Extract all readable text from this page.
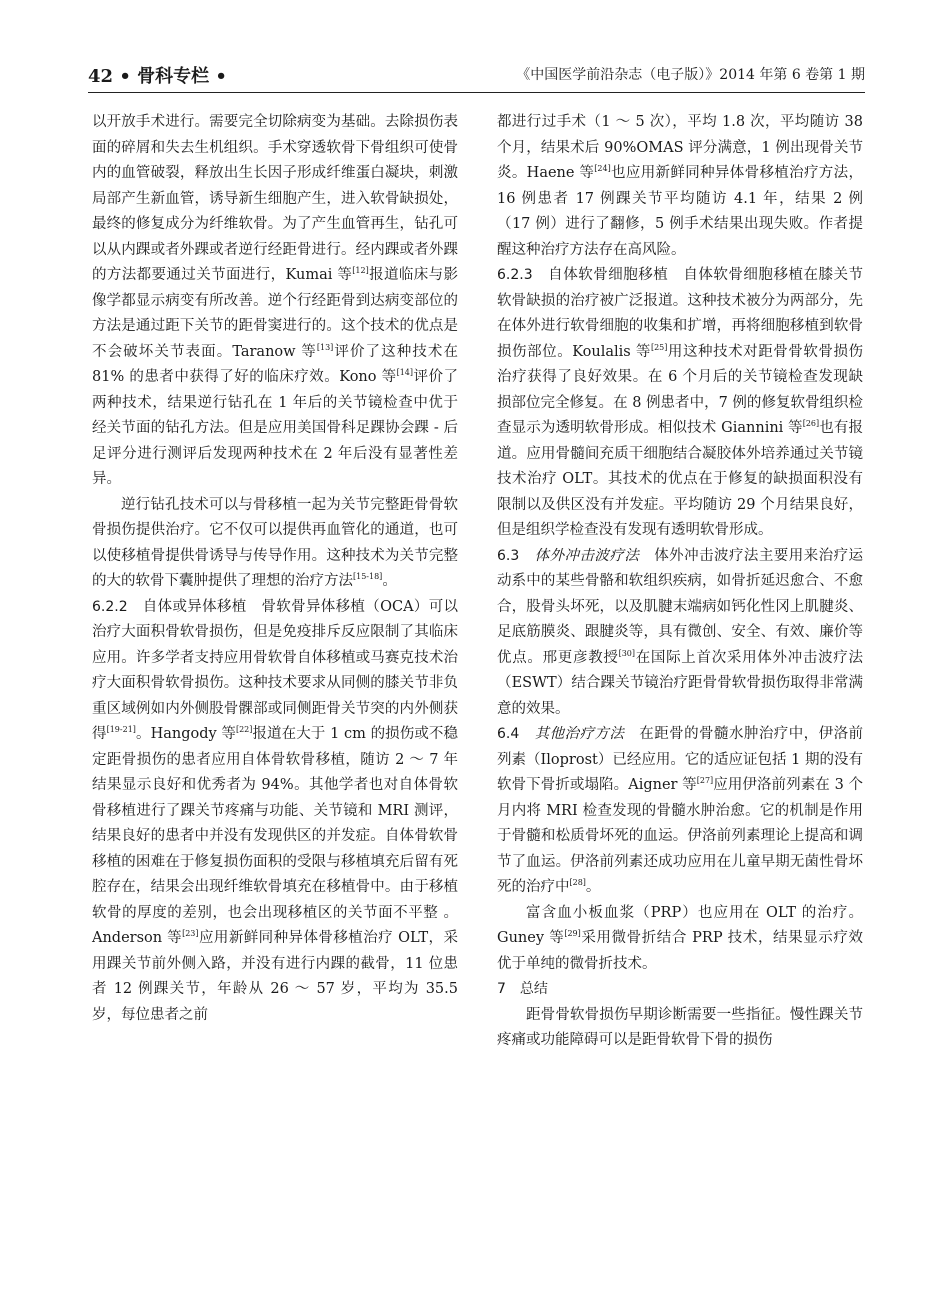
42 • 骨科专栏 •	《中国医学前沿杂志（电子版）》2014 年第 6 卷第 1 期

以开放手术进行。需要完全切除病变为基础。去除损伤表面的碎屑和失去生机组织。手术穿透软骨下骨组织可使骨内的血管破裂，释放出生长因子形成纤维蛋白凝块，刺激局部产生新血管，诱导新生细胞产生，进入软骨缺损处，最终的修复成分为纤维软骨。为了产生血管再生，钻孔可以从内踝或者外踝或者逆行经距骨进行。经内踝或者外踝的方法都要通过关节面进行，Kumai 等[12]报道临床与影像学都显示病变有所改善。逆个行经距骨到达病变部位的方法是通过距下关节的距骨窦进行的。这个技术的优点是不会破坏关节表面。Taranow 等[13]评价了这种技术在 81% 的患者中获得了好的临床疗效。Kono 等[14]评价了两种技术，结果逆行钻孔在 1 年后的关节镜检查中优于经关节面的钻孔方法。但是应用美国骨科足踝协会踝 - 后足评分进行测评后发现两种技术在 2 年后没有显著性差异。

逆行钻孔技术可以与骨移植一起为关节完整距骨骨软骨损伤提供治疗。它不仅可以提供再血管化的通道，也可以使移植骨提供骨诱导与传导作用。这种技术为关节完整的大的软骨下囊肿提供了理想的治疗方法[15-18]。

6.2.2　 自体或异体移植　 骨软骨异体移植（OCA）可以治疗大面积骨软骨损伤，但是免疫排斥反应限制了其临床应用。许多学者支持应用骨软骨自体移植或马赛克技术治疗大面积骨软骨损伤。这种技术要求从同侧的膝关节非负重区域例如内外侧股骨髁部或同侧距骨关节突的内外侧获得[19-21]。Hangody 等[22]报道在大于 1 cm 的损伤或不稳定距骨损伤的患者应用自体骨软骨移植，随访 2 ～ 7 年结果显示良好和优秀者为 94%。其他学者也对自体骨软骨移植进行了踝关节疼痛与功能、关节镜和 MRI 测评，结果良好的患者中并没有发现供区的并发症。自体骨软骨移植的困难在于修复损伤面积的受限与移植填充后留有死腔存在，结果会出现纤维软骨填充在移植骨中。由于移植软骨的厚度的差别，也会出现移植区的关节面不平整 。Anderson 等[23]应用新鲜同种异体骨移植治疗 OLT，采用踝关节前外侧入路，并没有进行内踝的截骨，11 位患者 12 例踝关节，年龄从 26 ～ 57 岁，平均为 35.5 岁，每位患者之前

都进行过手术（1 ～ 5 次），平均 1.8 次，平均随访 38 个月，结果术后 90%OMAS 评分满意，1 例出现骨关节炎。Haene 等[24]也应用新鲜同种异体骨移植治疗方法，16 例患者 17 例踝关节平均随访 4.1 年，结果 2 例（17 例）进行了翻修，5 例手术结果出现失败。作者提醒这种治疗方法存在高风险。

6.2.3　 自体软骨细胞移植　 自体软骨细胞移植在膝关节软骨缺损的治疗被广泛报道。这种技术被分为两部分，先在体外进行软骨细胞的收集和扩增，再将细胞移植到软骨损伤部位。Koulalis 等[25]用这种技术对距骨骨软骨损伤治疗获得了良好效果。在 6 个月后的关节镜检查发现缺损部位完全修复。在 8 例患者中，7 例的修复软骨组织检查显示为透明软骨形成。相似技术 Giannini 等[26]也有报道。应用骨髓间充质干细胞结合凝胶体外培养通过关节镜技术治疗 OLT。其技术的优点在于修复的缺损面积没有限制以及供区没有并发症。平均随访 29 个月结果良好，但是组织学检查没有发现有透明软骨形成。

6.3　 体外冲击波疗法　 体外冲击波疗法主要用来治疗运动系中的某些骨骼和软组织疾病，如骨折延迟愈合、不愈合，股骨头坏死，以及肌腱末端病如钙化性冈上肌腱炎、足底筋膜炎、跟腱炎等，具有微创、安全、有效、廉价等优点。邢更彦教授[30]在国际上首次采用体外冲击波疗法（ESWT）结合踝关节镜治疗距骨骨软骨损伤取得非常满意的效果。

6.4　 其他治疗方法　 在距骨的骨髓水肿治疗中，伊洛前列素（Iloprost）已经应用。它的适应证包括 1 期的没有软骨下骨折或塌陷。Aigner 等[27]应用伊洛前列素在 3 个月内将 MRI 检查发现的骨髓水肿治愈。它的机制是作用于骨髓和松质骨坏死的血运。伊洛前列素理论上提高和调节了血运。伊洛前列素还成功应用在儿童早期无菌性骨坏死的治疗中[28]。

富含血小板血浆（PRP）也应用在 OLT 的治疗。Guney 等[29]采用微骨折结合 PRP 技术，结果显示疗效优于单纯的微骨折技术。

7　 总结

距骨骨软骨损伤早期诊断需要一些指征。慢性踝关节疼痛或功能障碍可以是距骨软骨下骨的损伤
